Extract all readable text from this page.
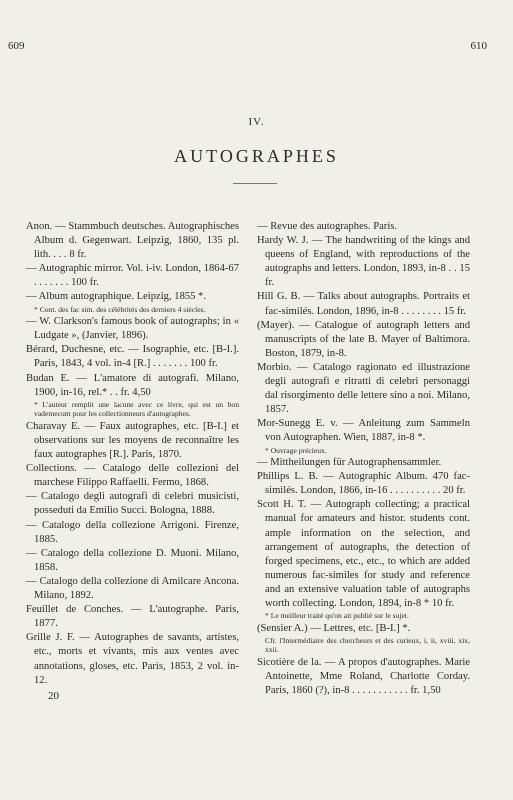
609	610
IV.
AUTOGRAPHES

Anon. — Stammbuch deutsches. Autographisches Album d. Gegenwart. Leipzig, 1860, 135 pl. lith. . . . 8 fr.

— Autographic mirror. Vol. i-iv. London, 1864-67 . . . . . . . 100 fr.

— Album autographique. Leipzig, 1855 *.

* Cont. des fac sim. des célébrités des derniers 4 siècles.

— W. Clarkson's famous book of autographs; in « Ludgate », (Janvier, 1896).

Bérard, Duchesne, etc. — Isographie, etc. [B-I.]. Paris, 1843, 4 vol. in-4 [R.] . . . . . . . 100 fr.

Budan E. — L'amatore di autografi. Milano, 1900, in-16, rel.* . . fr. 4,50

* L'auteur remplit une lacune avec ce livre, qui est un bon vademecum pour les collectionneurs d'autographes.

Charavay E. — Faux autographes, etc. [B-I.] et observations sur les moyens de reconnaître les faux autographes [R.]. Paris, 1870.

Collections. — Catalogo delle collezioni del marchese Filippo Raffaelli. Fermo, 1868.

— Catalogo degli autografi di celebri musicisti, posseduti da Emilio Succi. Bologna, 1888.

— Catalogo della collezione Arrigoni. Firenze, 1885.

— Catalogo della collezione D. Muoni. Milano, 1858.

— Catalogo della collezione di Amilcare Ancona. Milano, 1892.

Feuillet de Conches. — L'autographe. Paris, 1877.

Grille J. F. — Autographes de savants, artistes, etc., morts et vivants, mis aux ventes avec annotations, gloses, etc. Paris, 1853, 2 vol. in-12.

20

— Revue des autographes. Paris.

Hardy W. J. — The handwriting of the kings and queens of England, with reproductions of the autographs and letters. London, 1893, in-8 . . 15 fr.

Hill G. B. — Talks about autographs. Portraits et fac-similés. London, 1896, in-8 . . . . . . . . 15 fr.

(Mayer). — Catalogue of autograph letters and manuscripts of the late B. Mayer of Baltimora. Boston, 1879, in-8.

Morbio. — Catalogo ragionato ed illustrazione degli autografi e ritratti di celebri personaggi dal risorgimento delle lettere sino a noi. Milano, 1857.

Mor-Sunegg E. v. — Anleitung zum Sammeln von Autographen. Wien, 1887, in-8 *.

* Ouvrage précieux.

— Mittheilungen für Autographensammler.

Phillips L. B. — Autographic Album. 470 fac-similés. London, 1866, in-16 . . . . . . . . . . 20 fr.

Scott H. T. — Autograph collecting; a practical manual for amateurs and histor. students cont. ample information on the selection, and arrangement of autographs, the detection of forged specimens, etc., etc., to which are added numerous fac-similes for study and reference and an extensive valuation table of autographs worth collecting. London, 1894, in-8 * 10 fr.

* Le meilleur traité qu'on ait publié sur le sujet.

(Sensier A.) — Lettres, etc. [B-I.] *.

Cfr. l'Intermédiaire des chercheurs et des curieux, i, ii, xviii, xix, xxii.

Sicotière de la. — A propos d'autographes. Marie Antoinette, Mme Roland, Charlotte Corday. Paris, 1860 (?), in-8 . . . . . . . . . . . fr. 1,50
